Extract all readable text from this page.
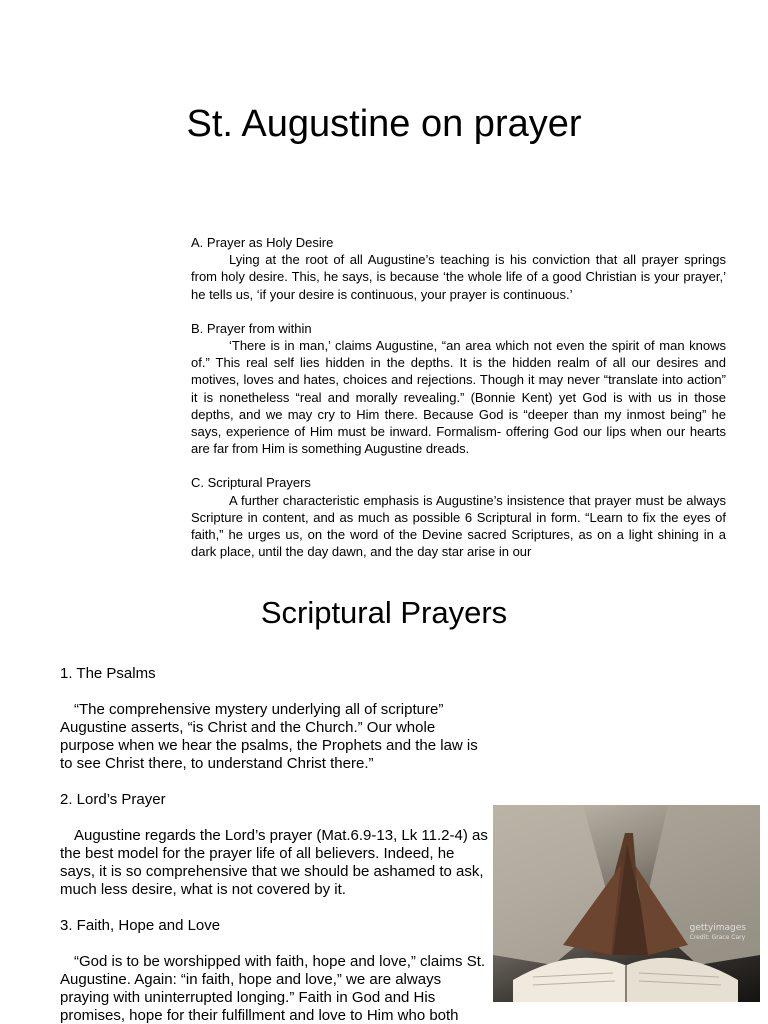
St. Augustine on prayer

A. Prayer as Holy Desire

Lying at the root of all Augustine’s teaching is his conviction that all prayer springs from holy desire. This, he says, is because ‘the whole life of a good Christian is your prayer,’ he tells us, ‘if your desire is continuous, your prayer is continuous.’

B. Prayer from within

‘There is in man,’ claims Augustine, “an area which not even the spirit of man knows of.” This real self lies hidden in the depths. It is the hidden realm of all our desires and motives, loves and hates, choices and rejections. Though it may never “translate into action” it is nonetheless “real and morally revealing.” (Bonnie Kent) yet God is with us in those depths, and we may cry to Him there. Because God is “deeper than my inmost being” he says, experience of Him must be inward. Formalism- offering God our lips when our hearts are far from Him is something Augustine dreads.

C. Scriptural Prayers

A further characteristic emphasis is Augustine’s insistence that prayer must be always Scripture in content, and as much as possible 6 Scriptural in form. “Learn to fix the eyes of faith,” he urges us, on the word of the Devine sacred Scriptures, as on a light shining in a dark place, until the day dawn, and the day star arise in our

Scriptural Prayers

1. The Psalms

“The comprehensive mystery underlying all of scripture” Augustine asserts, “is Christ and the Church.” Our whole purpose when we hear the psalms, the Prophets and the law is to see Christ there, to understand Christ there.”

2. Lord’s Prayer

Augustine regards the Lord’s prayer (Mat.6.9-13, Lk 11.2-4) as the best model for the prayer life of all believers. Indeed, he says, it is so comprehensive that we should be ashamed to ask, much less desire, what is not covered by it.

3. Faith, Hope and Love

“God is to be worshipped with faith, hope and love,” claims St. Augustine. Again: “in faith, hope and love,” we are always praying with uninterrupted longing.” Faith in God and His promises, hope for their fulfillment and love to Him who both

gettyimages
Credit: Grace Cary
